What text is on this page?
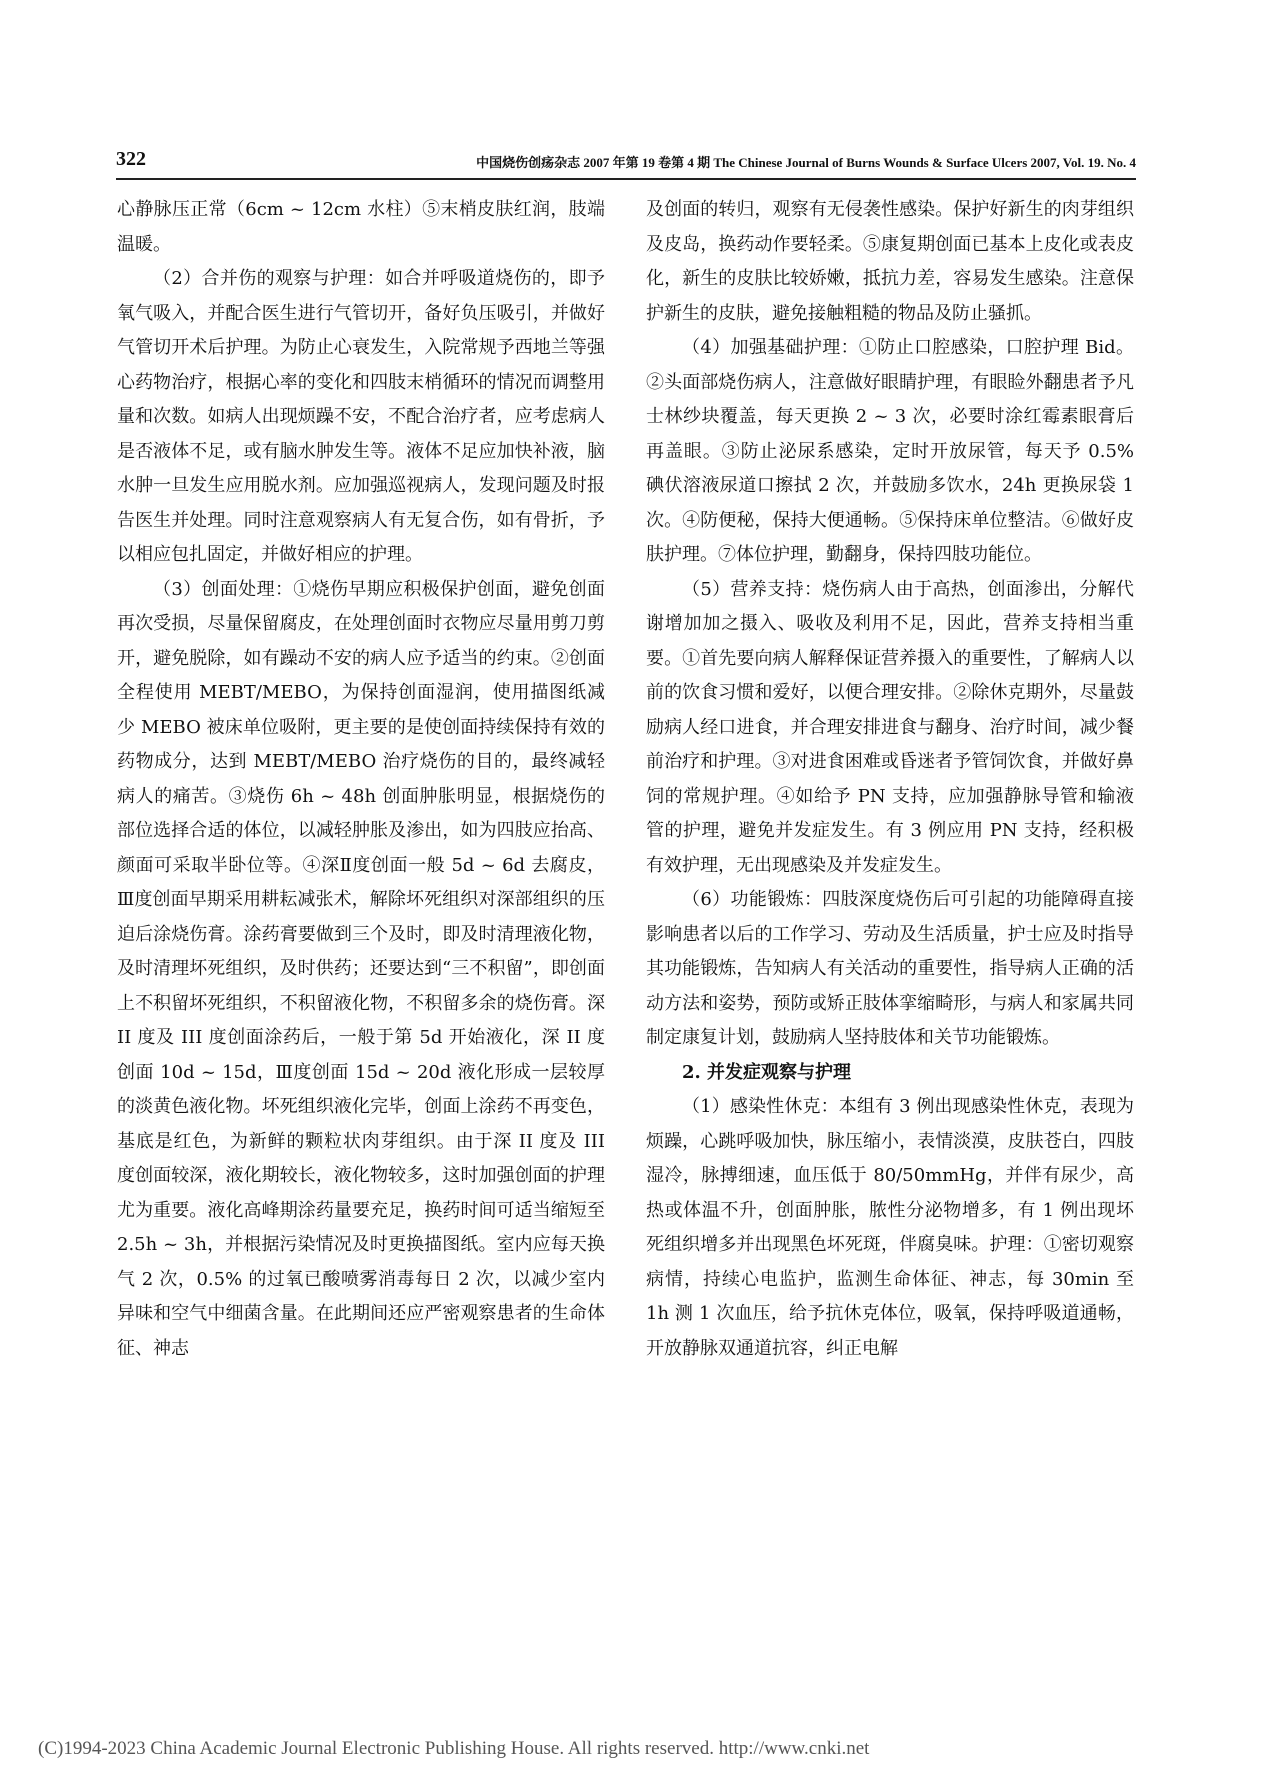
322	中国烧伤创疡杂志 2007 年第 19 卷第 4 期 The Chinese Journal of Burns Wounds & Surface Ulcers 2007, Vol. 19. No. 4

心静脉压正常（6cm ~ 12cm 水柱）⑤末梢皮肤红润，肢端温暖。

（2）合并伤的观察与护理：如合并呼吸道烧伤的，即予氧气吸入，并配合医生进行气管切开，备好负压吸引，并做好气管切开术后护理。为防止心衰发生，入院常规予西地兰等强心药物治疗，根据心率的变化和四肢末梢循环的情况而调整用量和次数。如病人出现烦躁不安，不配合治疗者，应考虑病人是否液体不足，或有脑水肿发生等。液体不足应加快补液，脑水肿一旦发生应用脱水剂。应加强巡视病人，发现问题及时报告医生并处理。同时注意观察病人有无复合伤，如有骨折，予以相应包扎固定，并做好相应的护理。

（3）创面处理：①烧伤早期应积极保护创面，避免创面再次受损，尽量保留腐皮，在处理创面时衣物应尽量用剪刀剪开，避免脱除，如有躁动不安的病人应予适当的约束。②创面全程使用 MEBT/MEBO，为保持创面湿润，使用描图纸减少 MEBO 被床单位吸附，更主要的是使创面持续保持有效的药物成分，达到 MEBT/MEBO 治疗烧伤的目的，最终减轻病人的痛苦。③烧伤 6h ~ 48h 创面肿胀明显，根据烧伤的部位选择合适的体位，以减轻肿胀及渗出，如为四肢应抬高、颜面可采取半卧位等。④深Ⅱ度创面一般 5d ~ 6d 去腐皮，Ⅲ度创面早期采用耕耘减张术，解除坏死组织对深部组织的压迫后涂烧伤膏。涂药膏要做到三个及时，即及时清理液化物，及时清理坏死组织，及时供药；还要达到“三不积留”，即创面上不积留坏死组织，不积留液化物，不积留多余的烧伤膏。深 II 度及 III 度创面涂药后，一般于第 5d 开始液化，深 II 度创面 10d ~ 15d，Ⅲ度创面 15d ~ 20d 液化形成一层较厚的淡黄色液化物。坏死组织液化完毕，创面上涂药不再变色，基底是红色，为新鲜的颗粒状肉芽组织。由于深 II 度及 III 度创面较深，液化期较长，液化物较多，这时加强创面的护理尤为重要。液化高峰期涂药量要充足，换药时间可适当缩短至 2.5h ~ 3h，并根据污染情况及时更换描图纸。室内应每天换气 2 次，0.5% 的过氧已酸喷雾消毒每日 2 次，以减少室内异味和空气中细菌含量。在此期间还应严密观察患者的生命体征、神志

及创面的转归，观察有无侵袭性感染。保护好新生的肉芽组织及皮岛，换药动作要轻柔。⑤康复期创面已基本上皮化或表皮化，新生的皮肤比较娇嫩，抵抗力差，容易发生感染。注意保护新生的皮肤，避免接触粗糙的物品及防止骚抓。

（4）加强基础护理：①防止口腔感染，口腔护理 Bid。②头面部烧伤病人，注意做好眼睛护理，有眼睑外翻患者予凡士林纱块覆盖，每天更换 2 ~ 3 次，必要时涂红霉素眼膏后再盖眼。③防止泌尿系感染，定时开放尿管，每天予 0.5% 碘伏溶液尿道口擦拭 2 次，并鼓励多饮水，24h 更换尿袋 1 次。④防便秘，保持大便通畅。⑤保持床单位整洁。⑥做好皮肤护理。⑦体位护理，勤翻身，保持四肢功能位。

（5）营养支持：烧伤病人由于高热，创面渗出，分解代谢增加加之摄入、吸收及利用不足，因此，营养支持相当重要。①首先要向病人解释保证营养摄入的重要性，了解病人以前的饮食习惯和爱好，以便合理安排。②除休克期外，尽量鼓励病人经口进食，并合理安排进食与翻身、治疗时间，减少餐前治疗和护理。③对进食困难或昏迷者予管饲饮食，并做好鼻饲的常规护理。④如给予 PN 支持，应加强静脉导管和输液管的护理，避免并发症发生。有 3 例应用 PN 支持，经积极有效护理，无出现感染及并发症发生。

（6）功能锻炼：四肢深度烧伤后可引起的功能障碍直接影响患者以后的工作学习、劳动及生活质量，护士应及时指导其功能锻炼，告知病人有关活动的重要性，指导病人正确的活动方法和姿势，预防或矫正肢体挛缩畸形，与病人和家属共同制定康复计划，鼓励病人坚持肢体和关节功能锻炼。

2. 并发症观察与护理

（1）感染性休克：本组有 3 例出现感染性休克，表现为烦躁，心跳呼吸加快，脉压缩小，表情淡漠，皮肤苍白，四肢湿冷，脉搏细速，血压低于 80/50mmHg，并伴有尿少，高热或体温不升，创面肿胀，脓性分泌物增多，有 1 例出现坏死组织增多并出现黑色坏死斑，伴腐臭味。护理：①密切观察病情，持续心电监护，监测生命体征、神志，每 30min 至 1h 测 1 次血压，给予抗休克体位，吸氧，保持呼吸道通畅，开放静脉双通道抗容，纠正电解

(C)1994-2023 China Academic Journal Electronic Publishing House. All rights reserved. http://www.cnki.net
